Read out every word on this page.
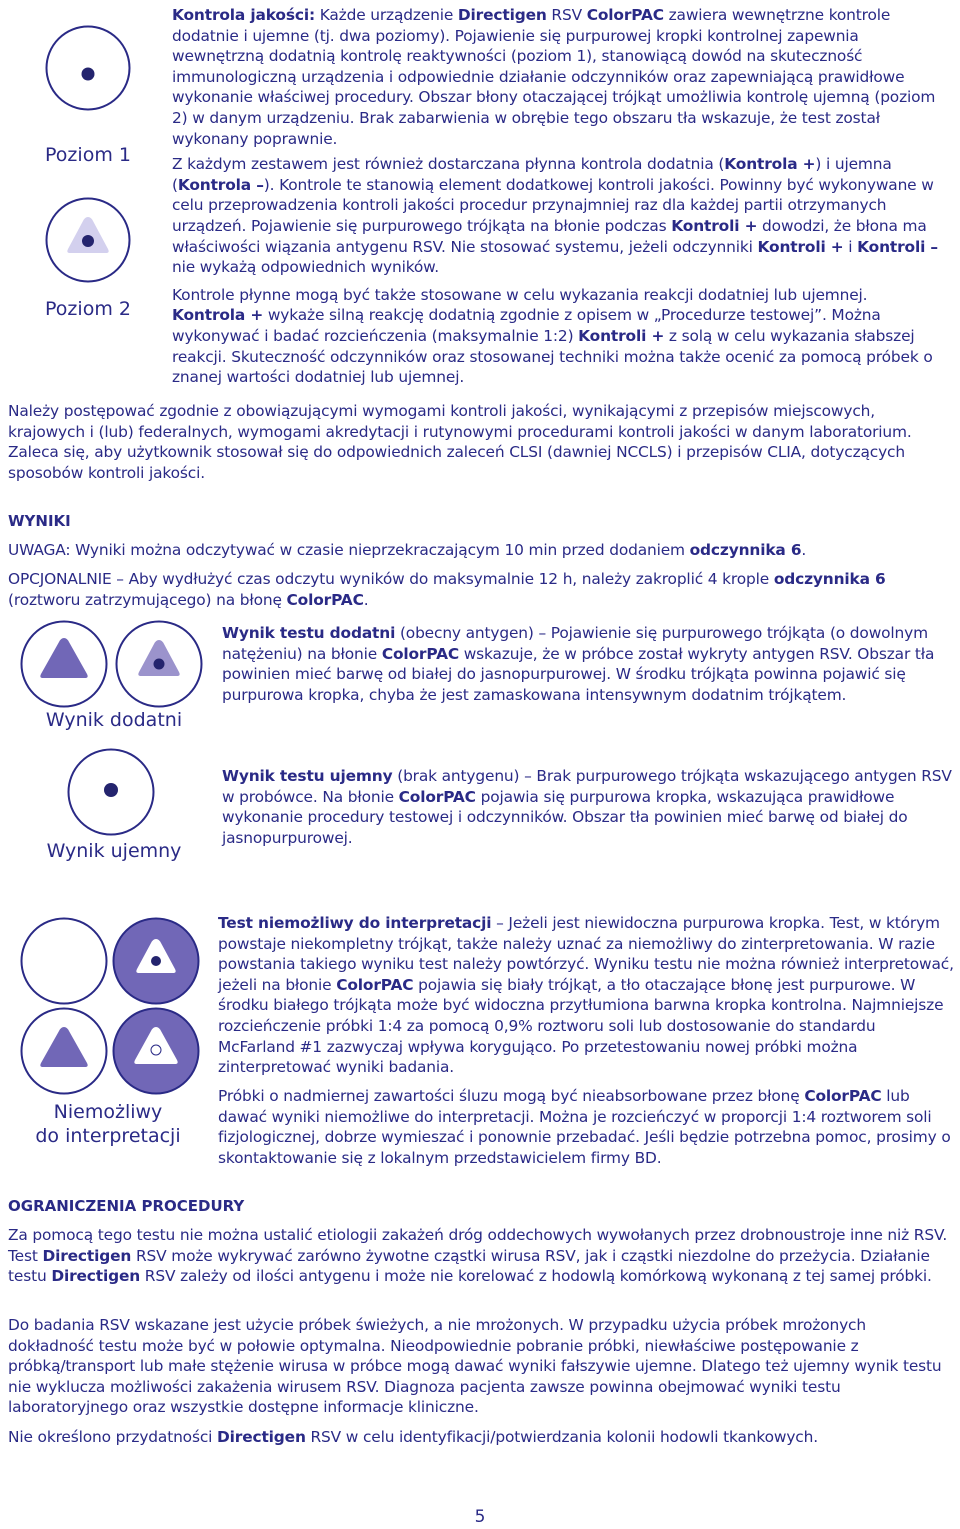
Poziom 1
Poziom 2

Kontrola jakości: Każde urządzenie Directigen RSV ColorPAC zawiera wewnętrzne kontrole dodatnie i ujemne (tj. dwa poziomy). Pojawienie się purpurowej kropki kontrolnej zapewnia wewnętrzną dodatnią kontrolę reaktywności (poziom 1), stanowiącą dowód na skuteczność immunologiczną urządzenia i odpowiednie działanie odczynników oraz zapewniającą prawidłowe wykonanie właściwej procedury. Obszar błony otaczającej trójkąt umożliwia kontrolę ujemną (poziom 2) w danym urządzeniu. Brak zabarwienia w obrębie tego obszaru tła wskazuje, że test został wykonany poprawnie.

Z każdym zestawem jest również dostarczana płynna kontrola dodatnia (Kontrola +) i ujemna (Kontrola –). Kontrole te stanowią element dodatkowej kontroli jakości. Powinny być wykonywane w celu przeprowadzenia kontroli jakości procedur przynajmniej raz dla każdej partii otrzymanych urządzeń. Pojawienie się purpurowego trójkąta na błonie podczas Kontroli + dowodzi, że błona ma właściwości wiązania antygenu RSV. Nie stosować systemu, jeżeli odczynniki Kontroli + i Kontroli – nie wykażą odpowiednich wyników.

Kontrole płynne mogą być także stosowane w celu wykazania reakcji dodatniej lub ujemnej. Kontrola + wykaże silną reakcję dodatnią zgodnie z opisem w „Procedurze testowej”. Można wykonywać i badać rozcieńczenia (maksymalnie 1:2) Kontroli + z solą w celu wykazania słabszej reakcji. Skuteczność odczynników oraz stosowanej techniki można także ocenić za pomocą próbek o znanej wartości dodatniej lub ujemnej.

Należy postępować zgodnie z obowiązującymi wymogami kontroli jakości, wynikającymi z przepisów miejscowych, krajowych i (lub) federalnych, wymogami akredytacji i rutynowymi procedurami kontroli jakości w danym laboratorium. Zaleca się, aby użytkownik stosował się do odpowiednich zaleceń CLSI (dawniej NCCLS) i przepisów CLIA, dotyczących sposobów kontroli jakości.
WYNIKI
UWAGA: Wyniki można odczytywać w czasie nieprzekraczającym 10 min przed dodaniem odczynnika 6.
OPCJONALNIE – Aby wydłużyć czas odczytu wyników do maksymalnie 12 h, należy zakroplić 4 krople odczynnika 6 (roztworu zatrzymującego) na błonę ColorPAC.
Wynik dodatni
Wynik testu dodatni (obecny antygen) – Pojawienie się purpurowego trójkąta (o dowolnym natężeniu) na błonie ColorPAC wskazuje, że w próbce został wykryty antygen RSV. Obszar tła powinien mieć barwę od białej do jasnopurpurowej. W środku trójkąta powinna pojawić się purpurowa kropka, chyba że jest zamaskowana intensywnym dodatnim trójkątem.
Wynik ujemny
Wynik testu ujemny (brak antygenu) – Brak purpurowego trójkąta wskazującego antygen RSV w probówce. Na błonie ColorPAC pojawia się purpurowa kropka, wskazująca prawidłowe wykonanie procedury testowej i odczynników. Obszar tła powinien mieć barwę od białej do jasnopurpurowej.
Niemożliwy
do interpretacji
Test niemożliwy do interpretacji – Jeżeli jest niewidoczna purpurowa kropka. Test, w którym powstaje niekompletny trójkąt, także należy uznać za niemożliwy do zinterpretowania. W razie powstania takiego wyniku test należy powtórzyć. Wyniku testu nie można również interpretować, jeżeli na błonie ColorPAC pojawia się biały trójkąt, a tło otaczające błonę jest purpurowe. W środku białego trójkąta może być widoczna przytłumiona barwna kropka kontrolna. Najmniejsze rozcieńczenie próbki 1:4 za pomocą 0,9% roztworu soli lub dostosowanie do standardu McFarland #1 zazwyczaj wpływa korygująco. Po przetestowaniu nowej próbki można zinterpretować wyniki badania.
Próbki o nadmiernej zawartości śluzu mogą być nieabsorbowane przez błonę ColorPAC lub dawać wyniki niemożliwe do interpretacji. Można je rozcieńczyć w proporcji 1:4 roztworem soli fizjologicznej, dobrze wymieszać i ponownie przebadać. Jeśli będzie potrzebna pomoc, prosimy o skontaktowanie się z lokalnym przedstawicielem firmy BD.
OGRANICZENIA PROCEDURY
Za pomocą tego testu nie można ustalić etiologii zakażeń dróg oddechowych wywołanych przez drobnoustroje inne niż RSV. Test Directigen RSV może wykrywać zarówno żywotne cząstki wirusa RSV, jak i cząstki niezdolne do przeżycia. Działanie testu Directigen RSV zależy od ilości antygenu i może nie korelować z hodowlą komórkową wykonaną z tej samej próbki.
Do badania RSV wskazane jest użycie próbek świeżych, a nie mrożonych. W przypadku użycia próbek mrożonych dokładność testu może być w połowie optymalna. Nieodpowiednie pobranie próbki, niewłaściwe postępowanie z próbką/transport lub małe stężenie wirusa w próbce mogą dawać wyniki fałszywie ujemne. Dlatego też ujemny wynik testu nie wyklucza możliwości zakażenia wirusem RSV. Diagnoza pacjenta zawsze powinna obejmować wyniki testu laboratoryjnego oraz wszystkie dostępne informacje kliniczne.
Nie określono przydatności Directigen RSV w celu identyfikacji/potwierdzania kolonii hodowli tkankowych.
5
